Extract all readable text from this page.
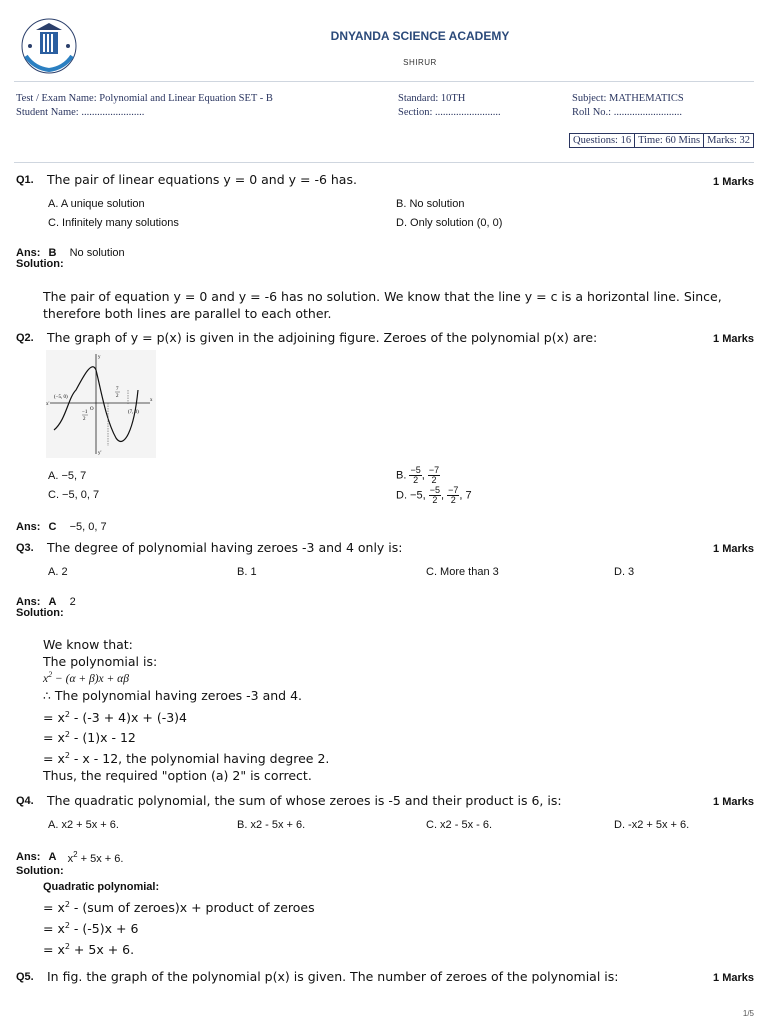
DNYANDA SCIENCE ACADEMY
SHIRUR
Test / Exam Name: Polynomial and Linear Equation SET - B
Student Name: ........................
Standard: 10TH
Section: .........................
Subject: MATHEMATICS
Roll No.: ..........................
Questions: 16 Time: 60 Mins Marks: 32
Q1. The pair of linear equations y = 0 and y = -6 has.	1 Marks
A. A unique solution	B. No solution
C. Infinitely many solutions	D. Only solution (0, 0)
Ans: B No solution
Solution:
The pair of equation y = 0 and y = -6 has no solution. We know that the line y = c is a horizontal line. Since, therefore both lines are parallel to each other.
Q2. The graph of y = p(x) is given in the adjoining figure. Zeroes of the polynomial p(x) are:	1 Marks
x
x'
y
y'
O
(−5, 0)
(7, 0)
−1
2
7
2
A. −5, 7	B. $\frac{-5}{2}$ , $\frac{-7}{2}$
C. −5, 0, 7	D. −5, $\frac{-5}{2}$ , $\frac{-7}{2}$ , 7
Ans: C −5, 0, 7
Q3. The degree of polynomial having zeroes -3 and 4 only is:	1 Marks
A. 2	B. 1	C. More than 3	D. 3
Ans: A 2
Solution:
We know that:
The polynomial is:
$x^2 - (\alpha + \beta)x + \alpha\beta$
∴ The polynomial having zeroes -3 and 4.
= $x^2 - (-3 + 4)x + (-3)4$
= $x^2 - (1)x - 12$
= $x^2$ - x - 12, the polynomial having degree 2.
Thus, the required "option (a) 2" is correct.
Q4. The quadratic polynomial, the sum of whose zeroes is -5 and their product is 6, is:	1 Marks
A. x2 + 5x + 6.	B. x2 - 5x + 6.	C. x2 - 5x - 6.	D. -x2 + 5x + 6.
Ans: A $x^2 + 5x + 6$.
Solution:
Quadratic polynomial:
= $x^2 - (sum$ of zeroes)x + product of zeroes
= $x^2 - (-5)x + 6$
= $x^2 + 5x + 6$.
Q5. In fig. the graph of the polynomial p(x) is given. The number of zeroes of the polynomial is:	1 Marks
1/5
